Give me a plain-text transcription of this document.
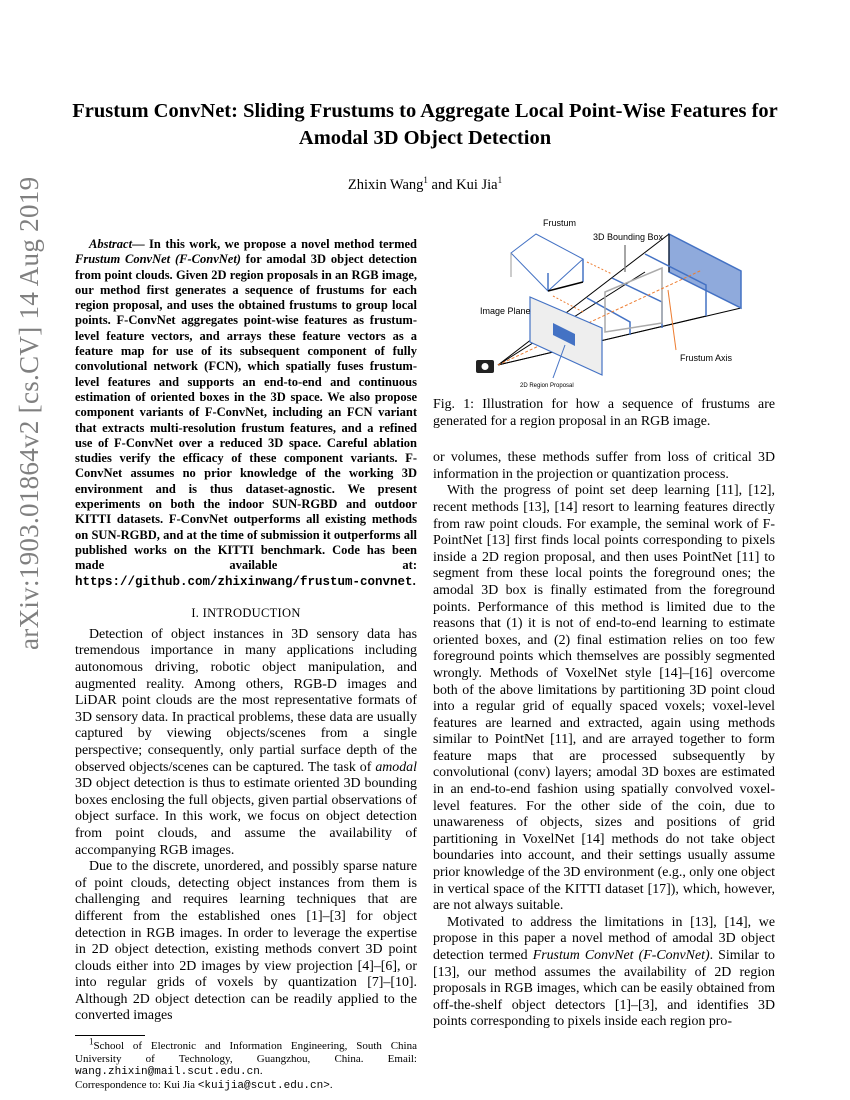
arXiv:1903.01864v2 [cs.CV] 14 Aug 2019
Frustum ConvNet: Sliding Frustums to Aggregate Local Point-Wise Features for Amodal 3D Object Detection
Zhixin Wang$^1$ and Kui Jia$^1$

Abstract— In this work, we propose a novel method termed Frustum ConvNet (F-ConvNet) for amodal 3D object detection from point clouds. Given 2D region proposals in an RGB image, our method first generates a sequence of frustums for each region proposal, and uses the obtained frustums to group local points. F-ConvNet aggregates point-wise features as frustum-level feature vectors, and arrays these feature vectors as a feature map for use of its subsequent component of fully convolutional network (FCN), which spatially fuses frustum-level features and supports an end-to-end and continuous estimation of oriented boxes in the 3D space. We also propose component variants of F-ConvNet, including an FCN variant that extracts multi-resolution frustum features, and a refined use of F-ConvNet over a reduced 3D space. Careful ablation studies verify the efficacy of these component variants. F-ConvNet assumes no prior knowledge of the working 3D environment and is thus dataset-agnostic. We present experiments on both the indoor SUN-RGBD and outdoor KITTI datasets. F-ConvNet outperforms all existing methods on SUN-RGBD, and at the time of submission it outperforms all published works on the KITTI benchmark. Code has been made available at: https://github.com/zhixinwang/frustum-convnet.

I. INTRODUCTION

Detection of object instances in 3D sensory data has tremendous importance in many applications including autonomous driving, robotic object manipulation, and augmented reality. Among others, RGB-D images and LiDAR point clouds are the most representative formats of 3D sensory data. In practical problems, these data are usually captured by viewing objects/scenes from a single perspective; consequently, only partial surface depth of the observed objects/scenes can be captured. The task of amodal 3D object detection is thus to estimate oriented 3D bounding boxes enclosing the full objects, given partial observations of object surface. In this work, we focus on object detection from point clouds, and assume the availability of accompanying RGB images.

Due to the discrete, unordered, and possibly sparse nature of point clouds, detecting object instances from them is challenging and requires learning techniques that are different from the established ones [1]–[3] for object detection in RGB images. In order to leverage the expertise in 2D object detection, existing methods convert 3D point clouds either into 2D images by view projection [4]–[6], or into regular grids of voxels by quantization [7]–[10]. Although 2D object detection can be readily applied to the converted images

$^1$School of Electronic and Information Engineering, South China University of Technology, Guangzhou, China. Email: wang.zhixin@mail.scut.edu.cn.
Correspondence to: Kui Jia <kuijia@scut.edu.cn>.
Frustum
3D Bounding Box
Image Plane
Frustum Axis
2D Region Proposal
Fig. 1: Illustration for how a sequence of frustums are generated for a region proposal in an RGB image.

or volumes, these methods suffer from loss of critical 3D information in the projection or quantization process.

With the progress of point set deep learning [11], [12], recent methods [13], [14] resort to learning features directly from raw point clouds. For example, the seminal work of F-PointNet [13] first finds local points corresponding to pixels inside a 2D region proposal, and then uses PointNet [11] to segment from these local points the foreground ones; the amodal 3D box is finally estimated from the foreground points. Performance of this method is limited due to the reasons that (1) it is not of end-to-end learning to estimate oriented boxes, and (2) final estimation relies on too few foreground points which themselves are possibly segmented wrongly. Methods of VoxelNet style [14]–[16] overcome both of the above limitations by partitioning 3D point cloud into a regular grid of equally spaced voxels; voxel-level features are learned and extracted, again using methods similar to PointNet [11], and are arrayed together to form feature maps that are processed subsequently by convolutional (conv) layers; amodal 3D boxes are estimated in an end-to-end fashion using spatially convolved voxel-level features. For the other side of the coin, due to unawareness of objects, sizes and positions of grid partitioning in VoxelNet [14] methods do not take object boundaries into account, and their settings usually assume prior knowledge of the 3D environment (e.g., only one object in vertical space of the KITTI dataset [17]), which, however, are not always suitable.

Motivated to address the limitations in [13], [14], we propose in this paper a novel method of amodal 3D object detection termed Frustum ConvNet (F-ConvNet). Similar to [13], our method assumes the availability of 2D region proposals in RGB images, which can be easily obtained from off-the-shelf object detectors [1]–[3], and identifies 3D points corresponding to pixels inside each region pro-
